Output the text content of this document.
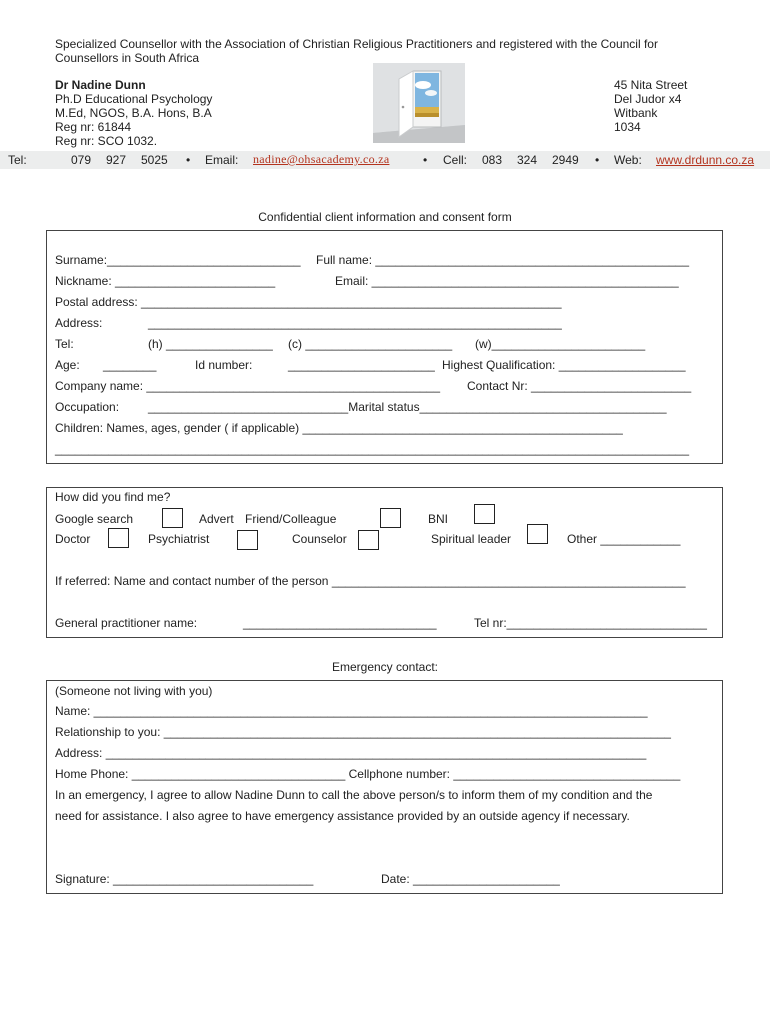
Specialized Counsellor with the Association of Christian Religious Practitioners and registered with the Council for
Counsellors in South Africa
Dr Nadine Dunn
Ph.D Educational Psychology
M.Ed, NGOS, B.A. Hons, B.A
Reg nr: 61844
Reg nr: SCO 1032.
45 Nita Street
Del Judor x4
Witbank
1034
Tel:	079 927 5025 • Email: nadine@ohsacademy.co.za	• Cell: 083 324 2949 • Web: www.drdunn.co.za
Confidential client information and consent form
Surname:_____________________________ Full name: _______________________________________________
Nickname: ________________________	Email: ______________________________________________
Postal address: _______________________________________________________________
Address:	______________________________________________________________
Tel:	(h) ________________ (c) ______________________ (w)_______________________
Age: ________	Id number:	______________________ Highest Qualification: ___________________
Company name: ____________________________________________ Contact Nr: ________________________
Occupation: ______________________________Marital status_____________________________________
Children: Names, ages, gender ( if applicable) ________________________________________________
_______________________________________________________________________________________________
How did you find me?
Google search	Advert Friend/Colleague	BNI
Doctor	Psychiatrist	Counselor	Spiritual leader	Other ____________
If referred: Name and contact number of the person _____________________________________________________
General practitioner name:	_____________________________	Tel nr:______________________________
Emergency contact:
(Someone not living with you)
Name: ___________________________________________________________________________________
Relationship to you: ____________________________________________________________________________
Address: _________________________________________________________________________________
Home Phone: ________________________________ Cellphone number: __________________________________
In an emergency, I agree to allow Nadine Dunn to call the above person/s to inform them of my condition and the
need for assistance. I also agree to have emergency assistance provided by an outside agency if necessary.
Signature: ______________________________	Date: ______________________
